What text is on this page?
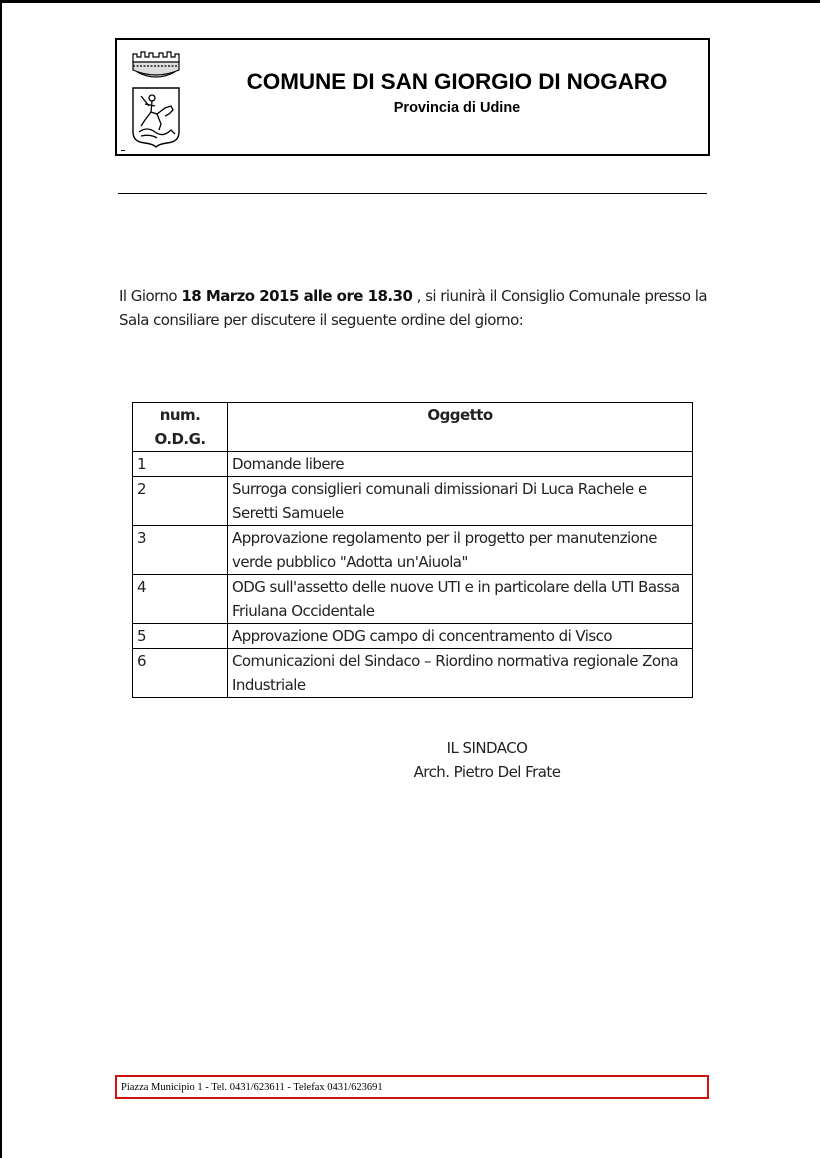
COMUNE DI SAN GIORGIO DI NOGARO
Provincia di Udine
Il Giorno 18 Marzo 2015 alle ore 18.30 , si riunirà il Consiglio Comunale presso la Sala consiliare per discutere il seguente ordine del giorno:
num.
O.D.G.	Oggetto
1	Domande libere
2	Surroga consiglieri comunali dimissionari Di Luca Rachele e Seretti Samuele
3	Approvazione regolamento per il progetto per manutenzione verde pubblico "Adotta un'Aiuola"
4	ODG sull'assetto delle nuove UTI e in particolare della UTI Bassa Friulana Occidentale
5	Approvazione ODG campo di concentramento di Visco
6	Comunicazioni del Sindaco – Riordino normativa regionale Zona Industriale
IL SINDACO
Arch. Pietro Del Frate
Piazza Municipio 1 - Tel. 0431/623611 - Telefax 0431/623691
